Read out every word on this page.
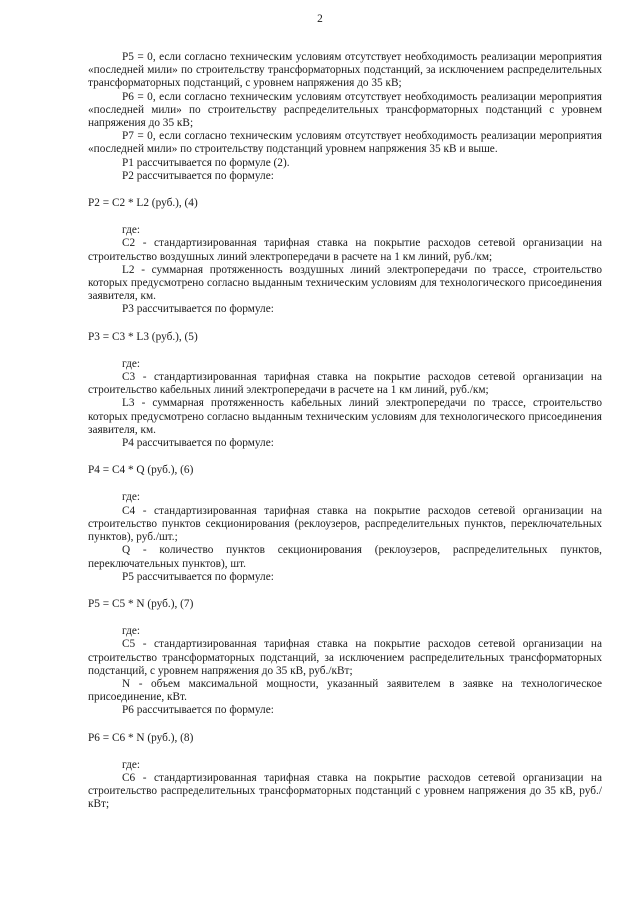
2

P5 = 0, если согласно техническим условиям отсутствует необходимость реализации мероприятия «последней мили» по строительству трансформаторных подстанций, за исключением распределительных трансформаторных подстанций, с уровнем напряжения до 35 кВ;

P6 = 0, если согласно техническим условиям отсутствует необходимость реализации мероприятия «последней мили» по строительству распределительных трансформаторных подстанций с уровнем напряжения до 35 кВ;

P7 = 0, если согласно техническим условиям отсутствует необходимость реализации мероприятия «последней мили» по строительству подстанций уровнем напряжения 35 кВ и выше.

P1 рассчитывается по формуле (2).

P2 рассчитывается по формуле:

P2 = C2 * L2 (руб.), (4)

где:

C2 - стандартизированная тарифная ставка на покрытие расходов сетевой организации на строительство воздушных линий электропередачи в расчете на 1 км линий, руб./км;

L2 - суммарная протяженность воздушных линий электропередачи по трассе, строительство которых предусмотрено согласно выданным техническим условиям для технологического присоединения заявителя, км.

P3 рассчитывается по формуле:

P3 = C3 * L3 (руб.), (5)

где:

C3 - стандартизированная тарифная ставка на покрытие расходов сетевой организации на строительство кабельных линий электропередачи в расчете на 1 км линий, руб./км;

L3 - суммарная протяженность кабельных линий электропередачи по трассе, строительство которых предусмотрено согласно выданным техническим условиям для технологического присоединения заявителя, км.

P4 рассчитывается по формуле:

P4 = C4 * Q (руб.), (6)

где:

C4 - стандартизированная тарифная ставка на покрытие расходов сетевой организации на строительство пунктов секционирования (реклоузеров, распределительных пунктов, переключательных пунктов), руб./шт.;

Q - количество пунктов секционирования (реклоузеров, распределительных пунктов, переключательных пунктов), шт.

P5 рассчитывается по формуле:

P5 = C5 * N (руб.), (7)

где:

C5 - стандартизированная тарифная ставка на покрытие расходов сетевой организации на строительство трансформаторных подстанций, за исключением распределительных трансформаторных подстанций, с уровнем напряжения до 35 кВ, руб./кВт;

N - объем максимальной мощности, указанный заявителем в заявке на технологическое присоединение, кВт.

P6 рассчитывается по формуле:

P6 = C6 * N (руб.), (8)

где:

C6 - стандартизированная тарифная ставка на покрытие расходов сетевой организации на строительство распределительных трансформаторных подстанций с уровнем напряжения до 35 кВ, руб./кВт;
